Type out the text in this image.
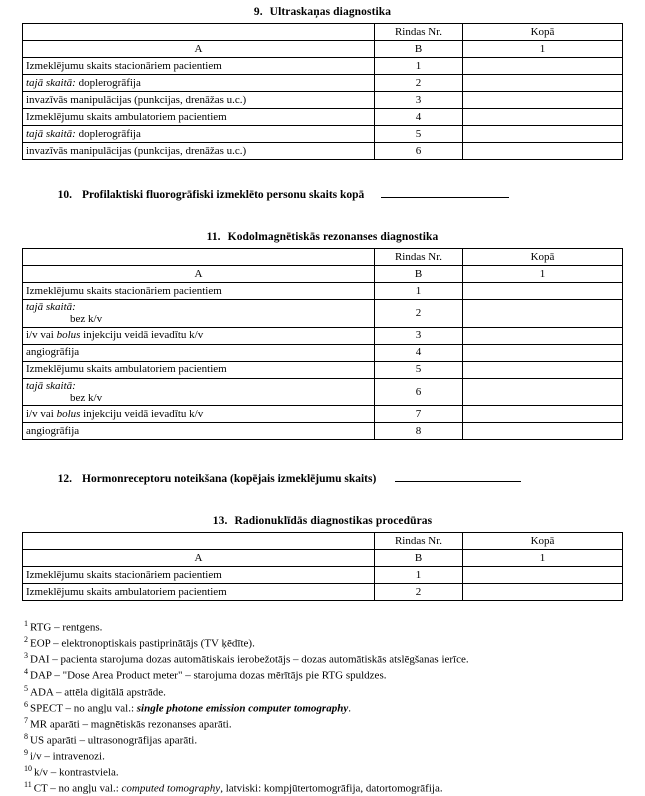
9. Ultraskaņas diagnostika
	Rindas Nr.	Kopā
A	B	1
Izmeklējumu skaits stacionāriem pacientiem	1	
tajā skaitā: doplerogrāfija	2	
invazīvās manipulācijas (punkcijas, drenāžas u.c.)	3	
Izmeklējumu skaits ambulatoriem pacientiem	4	
tajā skaitā: doplerogrāfija	5	
invazīvās manipulācijas (punkcijas, drenāžas u.c.)	6	
10. Profilaktiski fluorogrāfiski izmeklēto personu skaits kopā
11. Kodolmagnētiskās rezonanses diagnostika
	Rindas Nr.	Kopā
A	B	1
Izmeklējumu skaits stacionāriem pacientiem	1	

tajā skaitā:
bez k/v	2	
i/v vai bolus injekciju veidā ievadītu k/v	3	
angiogrāfija	4	
Izmeklējumu skaits ambulatoriem pacientiem	5	

tajā skaitā:
bez k/v	6	
i/v vai bolus injekciju veidā ievadītu k/v	7	
angiogrāfija	8	
12. Hormonreceptoru noteikšana (kopējais izmeklējumu skaits)
13. Radionuklīdās diagnostikas procedūras
	Rindas Nr.	Kopā
A	B	1
Izmeklējumu skaits stacionāriem pacientiem	1	
Izmeklējumu skaits ambulatoriem pacientiem	2	
$^1$ RTG – rentgens.
$^2$ EOP – elektronoptiskais pastiprinātājs (TV ķēdīte).
$^3$ DAI – pacienta starojuma dozas automātiskais ierobežotājs – dozas automātiskās atslēgšanas ierīce.
$^4$ DAP – "Dose Area Product meter" – starojuma dozas mērītājs pie RTG spuldzes.
$^5$ ADA – attēla digitālā apstrāde.
$^6$ SPECT – no angļu val.: single photone emission computer tomography.
$^7$ MR aparāti – magnētiskās rezonanses aparāti.
$^8$ US aparāti – ultrasonogrāfijas aparāti.
$^9$ i/v – intravenozi.
$^{10}$ k/v – kontrastviela.
$^{11}$ CT – no angļu val.: computed tomography, latviski: kompjūtertomogrāfija, datortomogrāfija.
